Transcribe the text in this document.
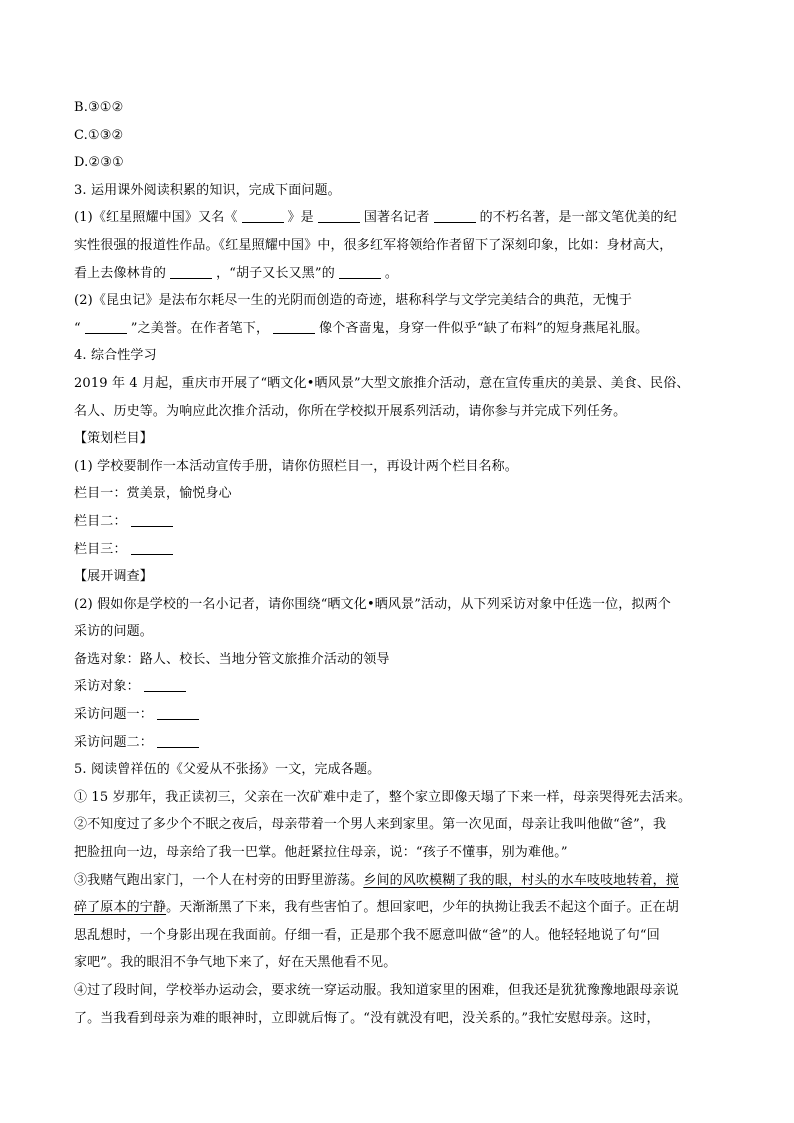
B.③①②
C.①③②
D.②③①
3. 运用课外阅读积累的知识，完成下面问题。
(1)《红星照耀中国》又名《	》是	国著名记者	的不朽名著，是一部文笔优美的纪
实性很强的报道性作品。《红星照耀中国》中，很多红军将领给作者留下了深刻印象，比如：身材高大，
看上去像林肯的	，“胡子又长又黑”的	。
(2)《昆虫记》是法布尔耗尽一生的光阴而创造的奇迹，堪称科学与文学完美结合的典范，无愧于
“	”之美誉。在作者笔下，	像个吝啬鬼，身穿一件似乎“缺了布料”的短身燕尾礼服。
4. 综合性学习
2019 年 4 月起，重庆市开展了“晒文化•晒风景”大型文旅推介活动，意在宣传重庆的美景、美食、民俗、
名人、历史等。为响应此次推介活动，你所在学校拟开展系列活动，请你参与并完成下列任务。
【策划栏目】
(1) 学校要制作一本活动宣传手册，请你仿照栏目一，再设计两个栏目名称。
栏目一：赏美景，愉悦身心
栏目二：
栏目三：
【展开调查】
(2) 假如你是学校的一名小记者，请你围绕“晒文化•晒风景”活动，从下列采访对象中任选一位，拟两个
采访的问题。
备选对象：路人、校长、当地分管文旅推介活动的领导
采访对象：
采访问题一：
采访问题二：
5. 阅读曾祥伍的《父爱从不张扬》一文，完成各题。
① 15 岁那年，我正读初三，父亲在一次矿难中走了，整个家立即像天塌了下来一样，母亲哭得死去活来。
②不知度过了多少个不眠之夜后，母亲带着一个男人来到家里。第一次见面，母亲让我叫他做“爸”，我
把脸扭向一边，母亲给了我一巴掌。他赶紧拉住母亲，说：“孩子不懂事，别为难他。”
③我赌气跑出家门，一个人在村旁的田野里游荡。乡间的风吹模糊了我的眼，村头的水车吱吱地转着，搅
碎了原本的宁静。天渐渐黑了下来，我有些害怕了。想回家吧，少年的执拗让我丢不起这个面子。正在胡
思乱想时，一个身影出现在我面前。仔细一看，正是那个我不愿意叫做“爸”的人。他轻轻地说了句“回
家吧”。我的眼泪不争气地下来了，好在天黑他看不见。
④过了段时间，学校举办运动会，要求统一穿运动服。我知道家里的困难，但我还是犹犹豫豫地跟母亲说
了。当我看到母亲为难的眼神时，立即就后悔了。“没有就没有吧，没关系的。”我忙安慰母亲。这时，
